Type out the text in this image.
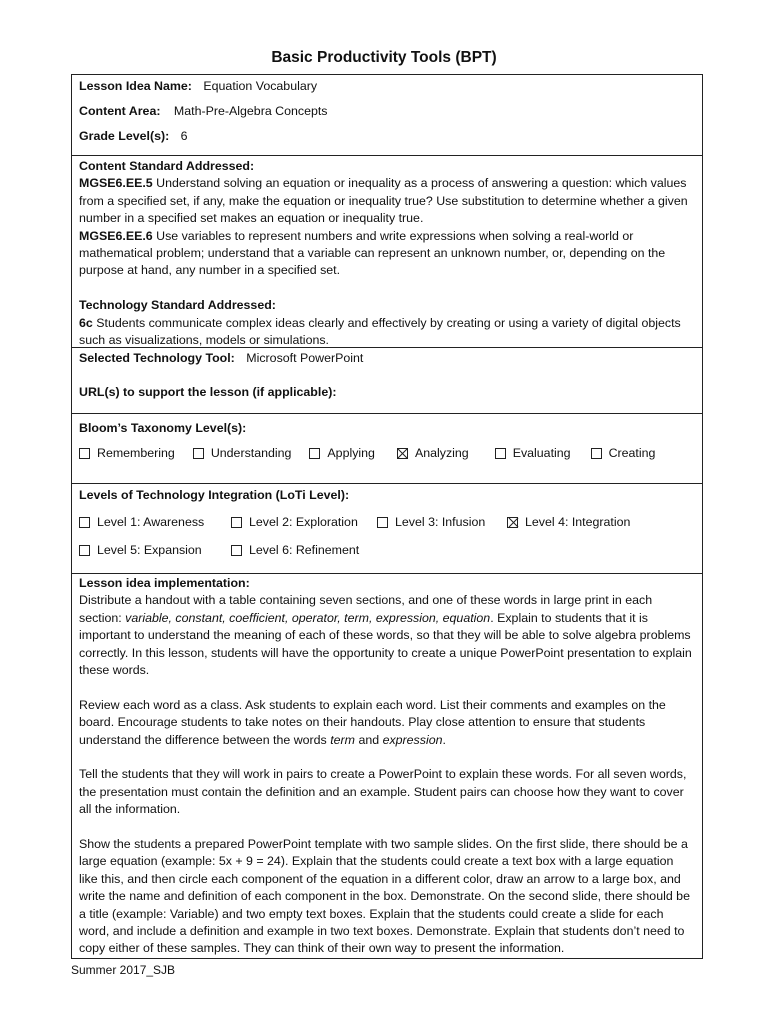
Basic Productivity Tools (BPT)
Lesson Idea Name: Equation Vocabulary
Content Area: Math-Pre-Algebra Concepts
Grade Level(s): 6
Content Standard Addressed:
MGSE6.EE.5 Understand solving an equation or inequality as a process of answering a question: which values from a specified set, if any, make the equation or inequality true? Use substitution to determine whether a given number in a specified set makes an equation or inequality true.
MGSE6.EE.6 Use variables to represent numbers and write expressions when solving a real-world or mathematical problem; understand that a variable can represent an unknown number, or, depending on the purpose at hand, any number in a specified set.
Technology Standard Addressed:
6c Students communicate complex ideas clearly and effectively by creating or using a variety of digital objects such as visualizations, models or simulations.
Selected Technology Tool: Microsoft PowerPoint
URL(s) to support the lesson (if applicable):
Bloom’s Taxonomy Level(s):
Remembering	Understanding	Applying	Analyzing	Evaluating	Creating
Levels of Technology Integration (LoTi Level):
Level 1: Awareness	Level 2: Exploration	Level 3: Infusion	Level 4: Integration
Level 5: Expansion	Level 6: Refinement
Lesson idea implementation:
Distribute a handout with a table containing seven sections, and one of these words in large print in each section: variable, constant, coefficient, operator, term, expression, equation. Explain to students that it is important to understand the meaning of each of these words, so that they will be able to solve algebra problems correctly. In this lesson, students will have the opportunity to create a unique PowerPoint presentation to explain these words.
Review each word as a class. Ask students to explain each word. List their comments and examples on the board. Encourage students to take notes on their handouts. Play close attention to ensure that students understand the difference between the words term and expression.
Tell the students that they will work in pairs to create a PowerPoint to explain these words. For all seven words, the presentation must contain the definition and an example. Student pairs can choose how they want to cover all the information.
Show the students a prepared PowerPoint template with two sample slides. On the first slide, there should be a large equation (example: 5x + 9 = 24). Explain that the students could create a text box with a large equation like this, and then circle each component of the equation in a different color, draw an arrow to a large box, and write the name and definition of each component in the box. Demonstrate. On the second slide, there should be a title (example: Variable) and two empty text boxes. Explain that the students could create a slide for each word, and include a definition and example in two text boxes. Demonstrate. Explain that students don’t need to copy either of these samples. They can think of their own way to present the information.
Summer 2017_SJB
